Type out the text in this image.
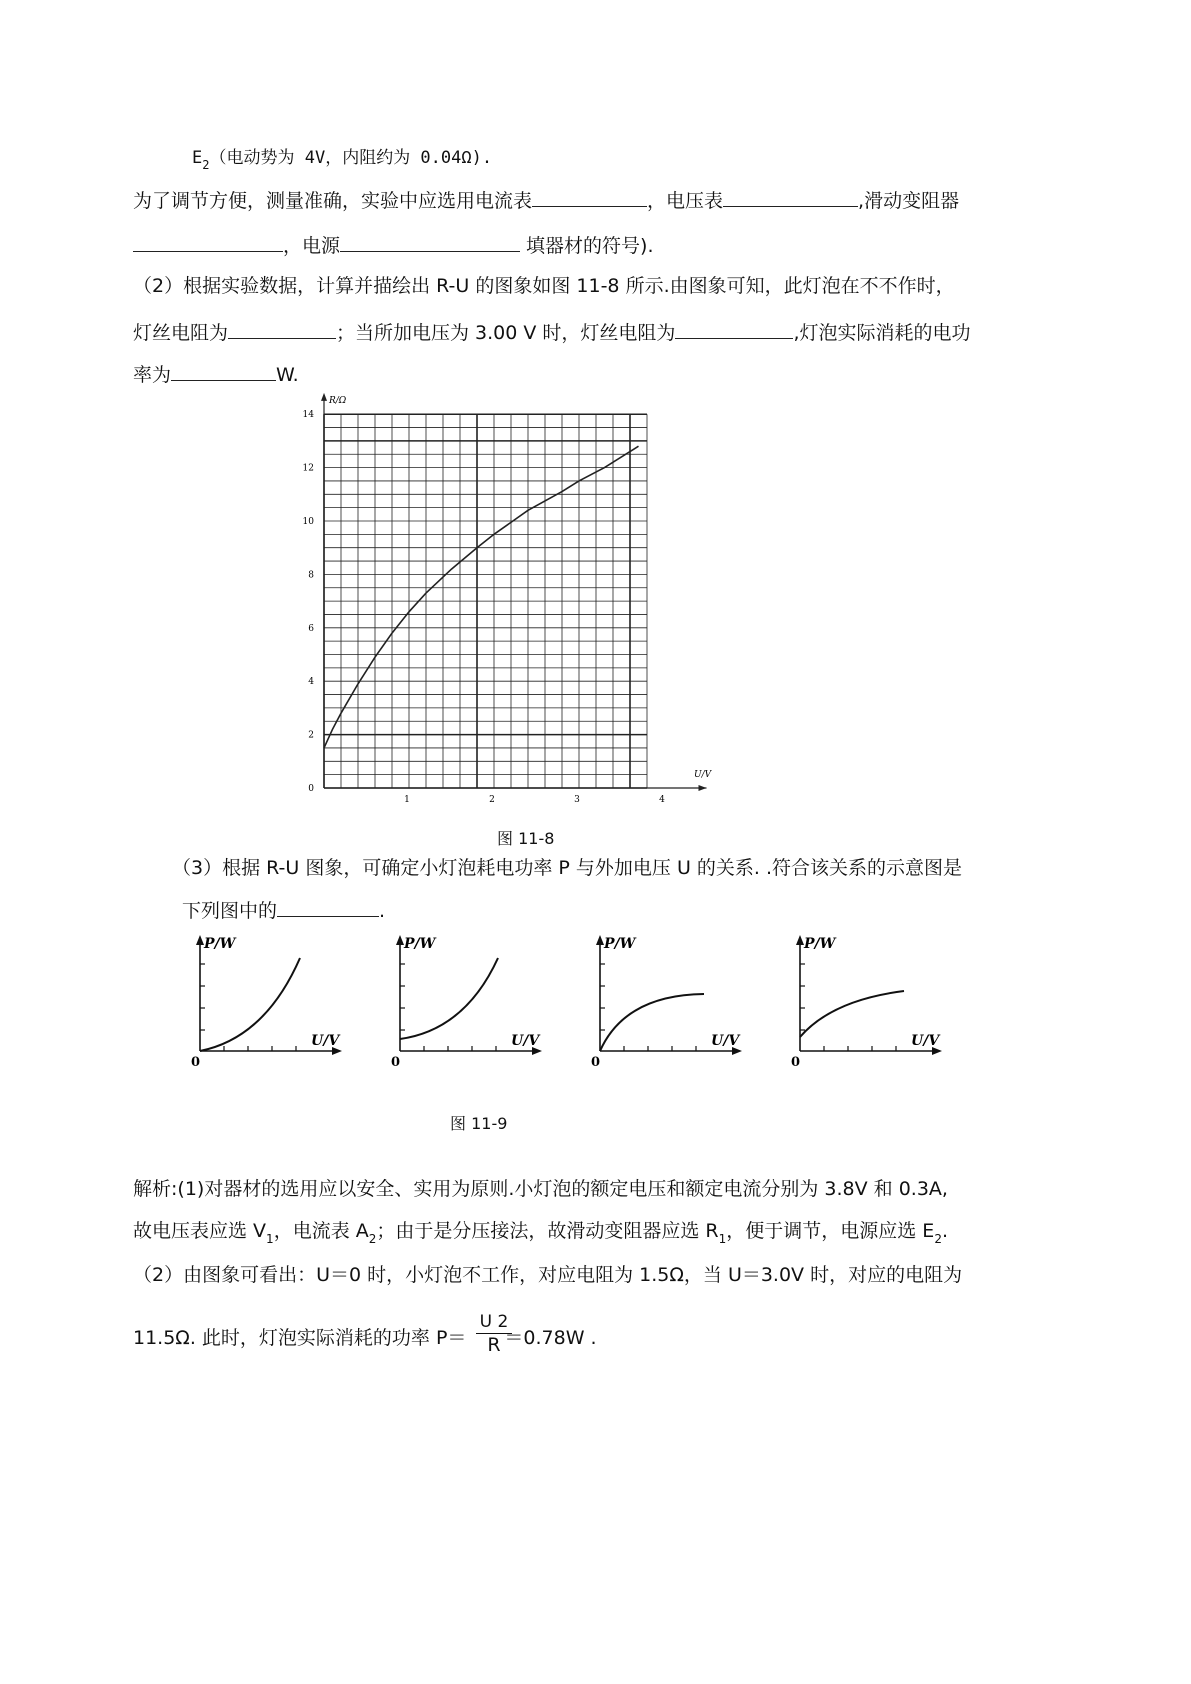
$E_2$（电动势为 4V，内阻约为 0.04Ω).
为了调节方便，测量准确，实验中应选用电流表	，电压表	,滑动变阻器
，电源	填器材的符号).
（2）根据实验数据，计算并描绘出 R-U 的图象如图 11-8 所示.由图象可知，此灯泡在不不作时，
灯丝电阻为	；当所加电压为 3.00 V 时，灯丝电阻为	,灯泡实际消耗的电功
率为	W.
0
2
4
6
8
10
12
14
1	2	3	4
R/Ω
U/V
图 11-8
（3）根据 R-U 图象，可确定小灯泡耗电功率 P 与外加电压 U 的关系. .符合该关系的示意图是
下列图中的	.
P/W
U/V
0
P/W
U/V
0
P/W
U/V
0
P/W
U/V
0
图 11-9
解析:(1)对器材的选用应以安全、实用为原则.小灯泡的额定电压和额定电流分别为 3.8V 和 0.3A,
故电压表应选 $V_1$，电流表 $A_2$；由于是分压接法，故滑动变阻器应选 $R_1$，便于调节，电源应选 $E_2$.
（2）由图象可看出：U＝0 时，小灯泡不工作，对应电阻为 1.5Ω，当 U＝3.0V 时，对应的电阻为
11.5Ω. 此时，灯泡实际消耗的功率 P＝ ＝0.78W .
U 2
R
